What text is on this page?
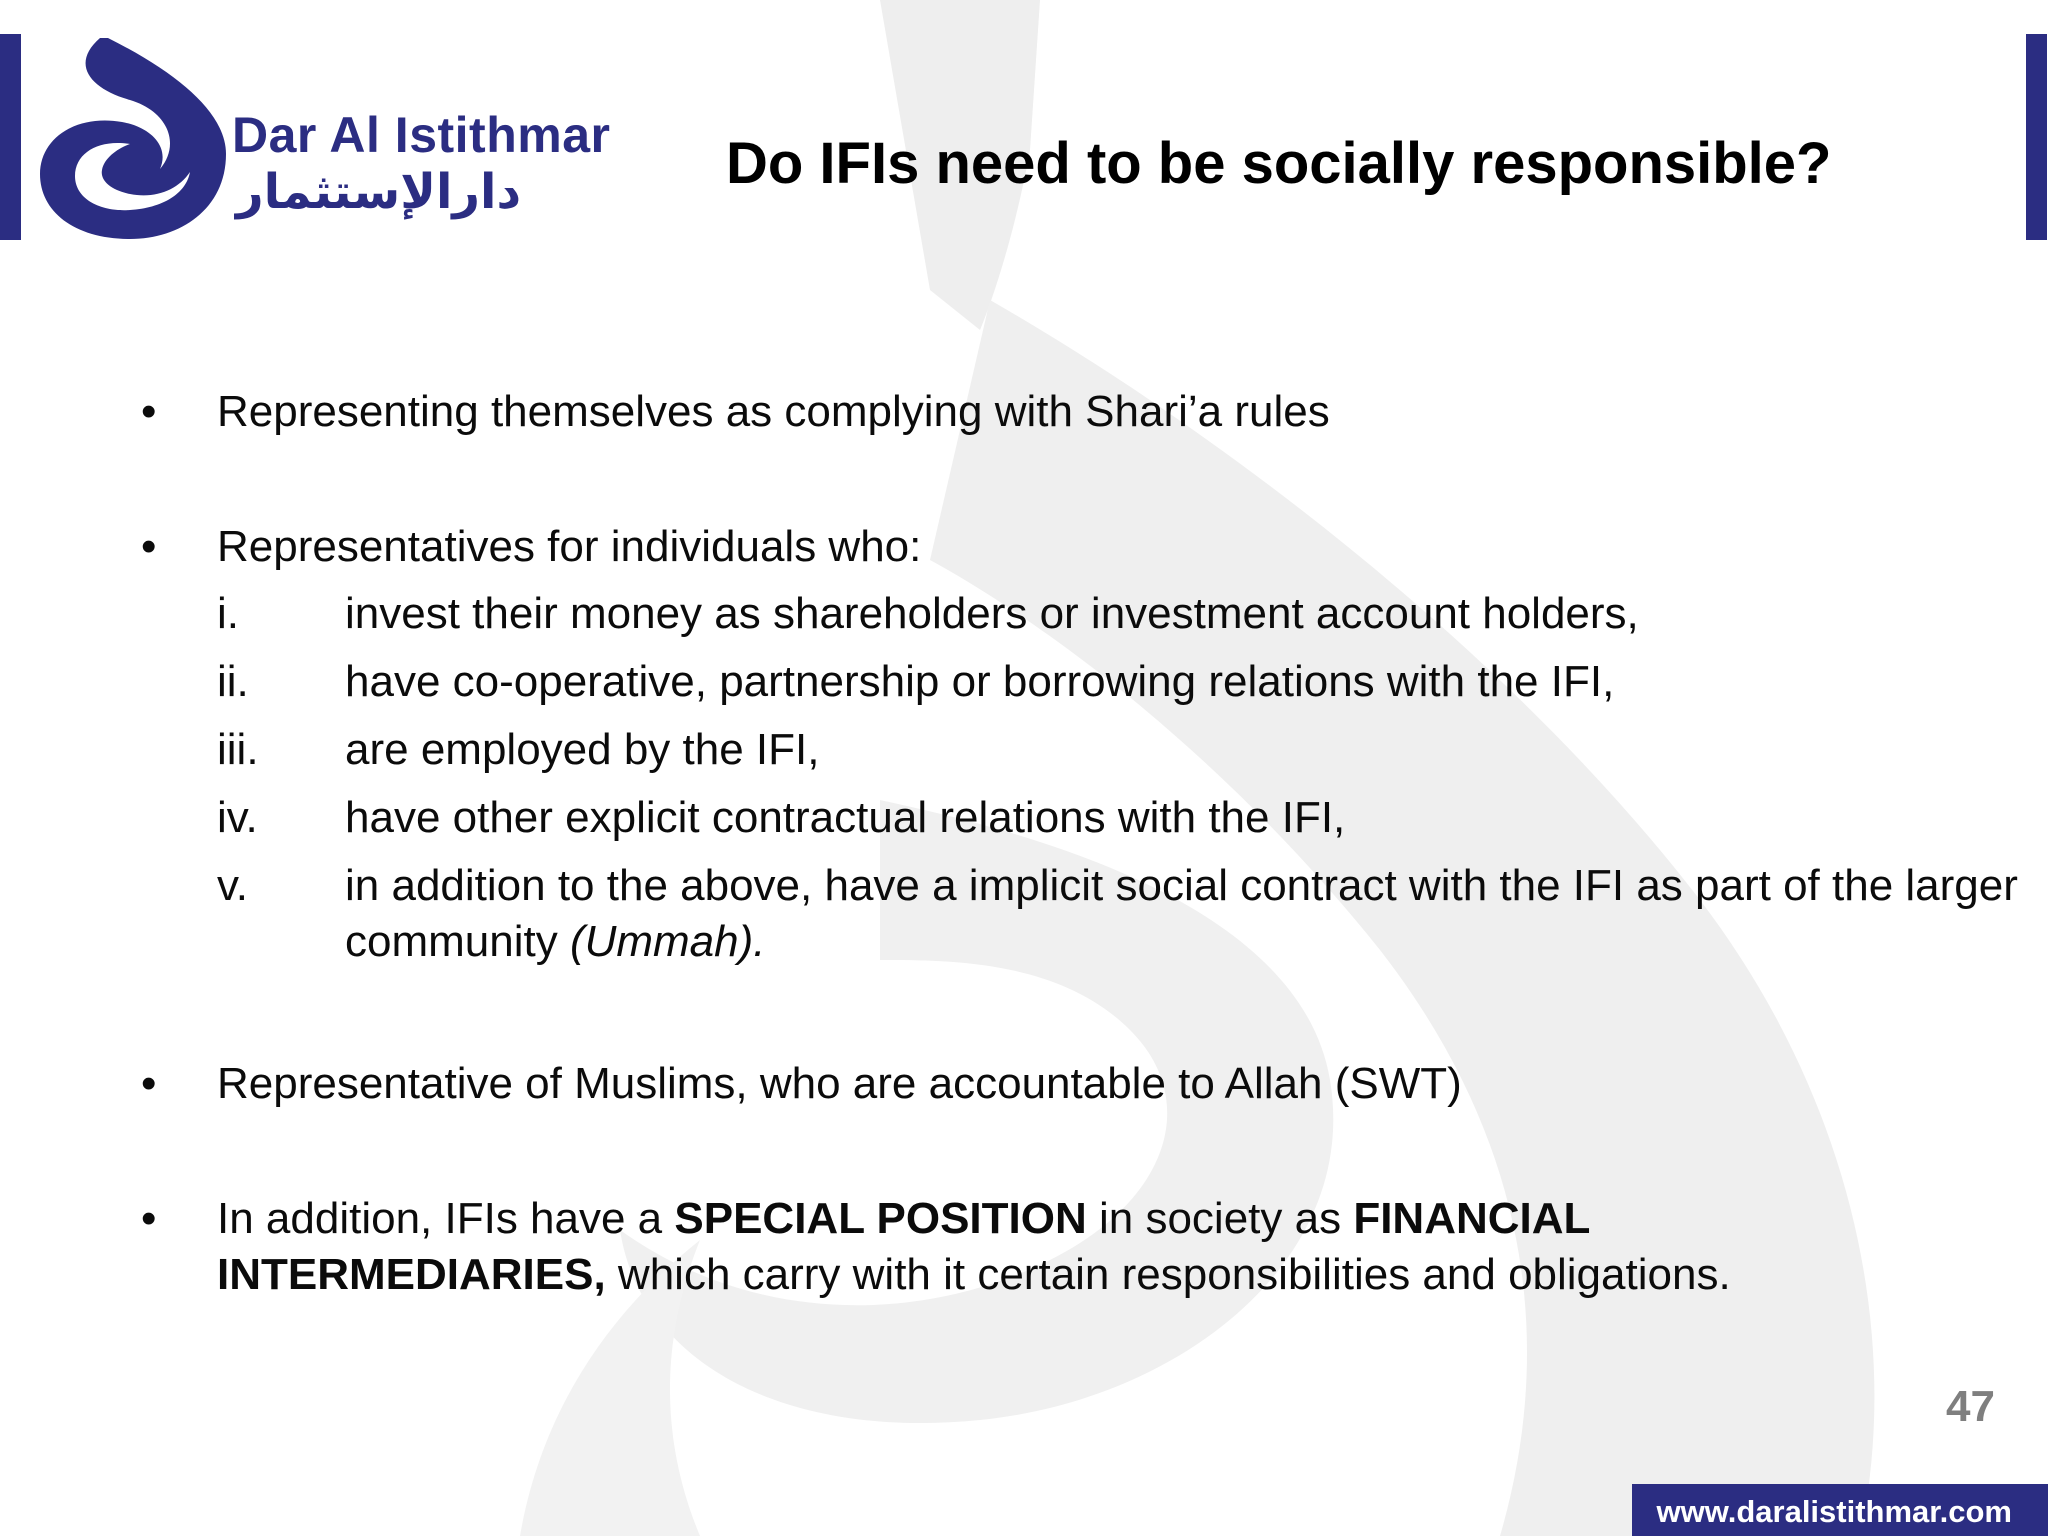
Dar Al Istithmar
دارالإستثمار	Do IFIs need to be socially responsible?
• Representing themselves as complying with Shari’a rules
• Representatives for individuals who:
i. invest their money as shareholders or investment account holders,
ii. have co-operative, partnership or borrowing relations with the IFI,
iii. are employed by the IFI,
iv. have other explicit contractual relations with the IFI,
v. in addition to the above, have a implicit social contract with the IFI as part of the larger community (Ummah).
• Representative of Muslims, who are accountable to Allah (SWT)
• In addition, IFIs have a SPECIAL POSITION in society as FINANCIAL INTERMEDIARIES, which carry with it certain responsibilities and obligations.
47
www.daralistithmar.com
